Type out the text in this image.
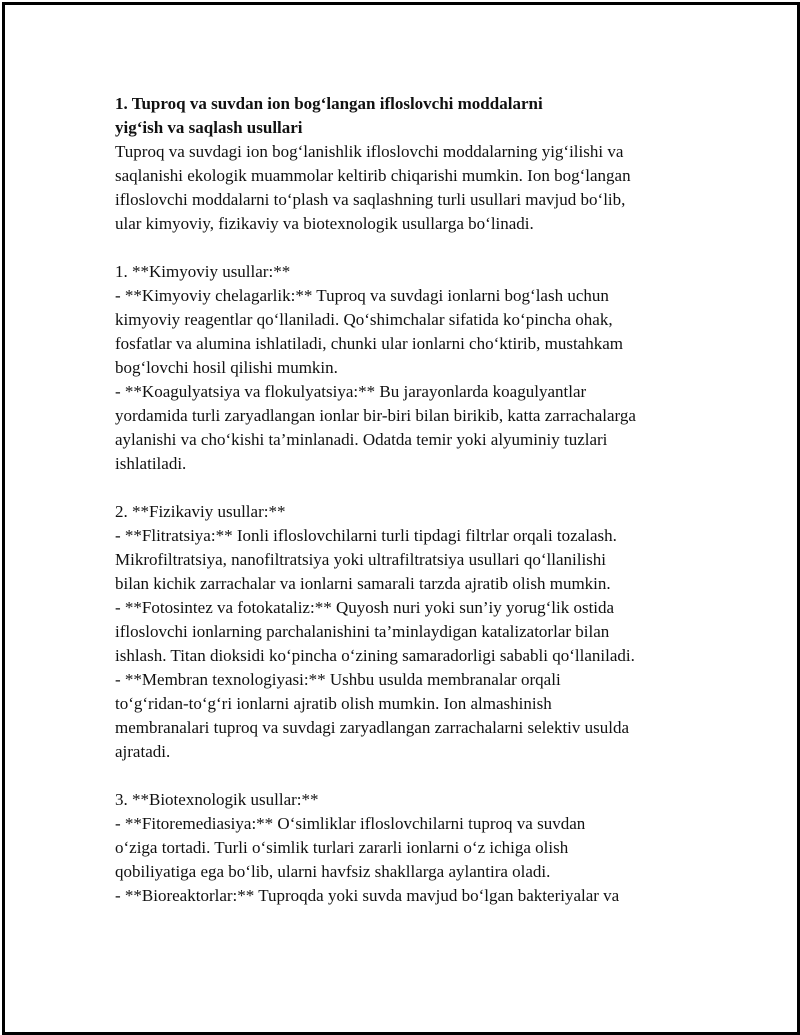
1. Tuproq va suvdan ion bog‘langan ifloslovchi moddalarni
yig‘ish va saqlash usullari
Tuproq va suvdagi ion bog‘lanishlik ifloslovchi moddalarning yig‘ilishi va
saqlanishi ekologik muammolar keltirib chiqarishi mumkin. Ion bog‘langan
ifloslovchi moddalarni to‘plash va saqlashning turli usullari mavjud bo‘lib,
ular kimyoviy, fizikaviy va biotexnologik usullarga bo‘linadi.
1. **Kimyoviy usullar:**
- **Kimyoviy chelagarlik:** Tuproq va suvdagi ionlarni bog‘lash uchun
kimyoviy reagentlar qo‘llaniladi. Qo‘shimchalar sifatida ko‘pincha ohak,
fosfatlar va alumina ishlatiladi, chunki ular ionlarni cho‘ktirib, mustahkam
bog‘lovchi hosil qilishi mumkin.
- **Koagulyatsiya va flokulyatsiya:** Bu jarayonlarda koagulyantlar
yordamida turli zaryadlangan ionlar bir-biri bilan birikib, katta zarrachalarga
aylanishi va cho‘kishi ta’minlanadi. Odatda temir yoki alyuminiy tuzlari
ishlatiladi.
2. **Fizikaviy usullar:**
- **Flitratsiya:** Ionli ifloslovchilarni turli tipdagi filtrlar orqali tozalash.
Mikrofiltratsiya, nanofiltratsiya yoki ultrafiltratsiya usullari qo‘llanilishi
bilan kichik zarrachalar va ionlarni samarali tarzda ajratib olish mumkin.
- **Fotosintez va fotokataliz:** Quyosh nuri yoki sun’iy yorug‘lik ostida
ifloslovchi ionlarning parchalanishini ta’minlaydigan katalizatorlar bilan
ishlash. Titan dioksidi ko‘pincha o‘zining samaradorligi sababli qo‘llaniladi.
- **Membran texnologiyasi:** Ushbu usulda membranalar orqali
to‘g‘ridan-to‘g‘ri ionlarni ajratib olish mumkin. Ion almashinish
membranalari tuproq va suvdagi zaryadlangan zarrachalarni selektiv usulda
ajratadi.
3. **Biotexnologik usullar:**
- **Fitoremediasiya:** O‘simliklar ifloslovchilarni tuproq va suvdan
o‘ziga tortadi. Turli o‘simlik turlari zararli ionlarni o‘z ichiga olish
qobiliyatiga ega bo‘lib, ularni havfsiz shakllarga aylantira oladi.
- **Bioreaktorlar:** Tuproqda yoki suvda mavjud bo‘lgan bakteriyalar va
